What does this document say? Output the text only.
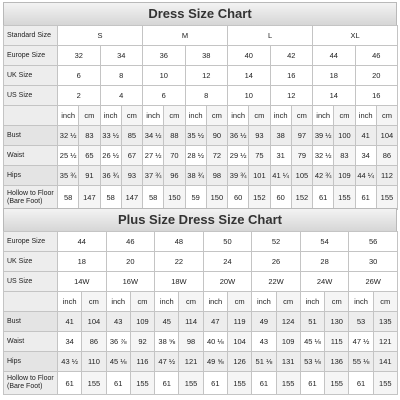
Dress Size Chart
Standard Size	S				M				L				XL			
Europe Size	32		34		36		38		40		42		44		46	
UK Size	6		8		10		12		14		16		18		20	
US Size	2		4		6		8		10		12		14		16	
	inch	cm	inch	cm	inch	cm	inch	cm	inch	cm	inch	cm	inch	cm	inch	cm
Bust	32 ½	83	33 ½	85	34 ½	88	35 ½	90	36 ½	93	38	97	39 ½	100	41	104
Waist	25 ½	65	26 ½	67	27 ½	70	28 ½	72	29 ½	75	31	79	32 ½	83	34	86
Hips	35 ¾	91	36 ¾	93	37 ¾	96	38 ¾	98	39 ¾	101	41 ¼	105	42 ¾	109	44 ¼	112
Hollow to Floor (Bare Foot)	58	147	58	147	58	150	59	150	60	152	60	152	61	155	61	155
Plus Size Dress Size Chart
Europe Size	44		46		48		50		52		54		56	
UK Size	18		20		22		24		26		28		30	
US Size	14W		16W		18W		20W		22W		24W		26W	
	inch	cm	inch	cm	inch	cm	inch	cm	inch	cm	inch	cm	inch	cm
Bust	41	104	43	109	45	114	47	119	49	124	51	130	53	135
Waist	34	86	36 ⅞	92	38 ⅝	98	40 ⅛	104	43	109	45 ⅛	115	47 ½	121
Hips	43 ½	110	45 ⅛	116	47 ½	121	49 ⅝	126	51 ⅛	131	53 ⅛	136	55 ⅛	141
Hollow to Floor (Bare Foot)	61	155	61	155	61	155	61	155	61	155	61	155	61	155
